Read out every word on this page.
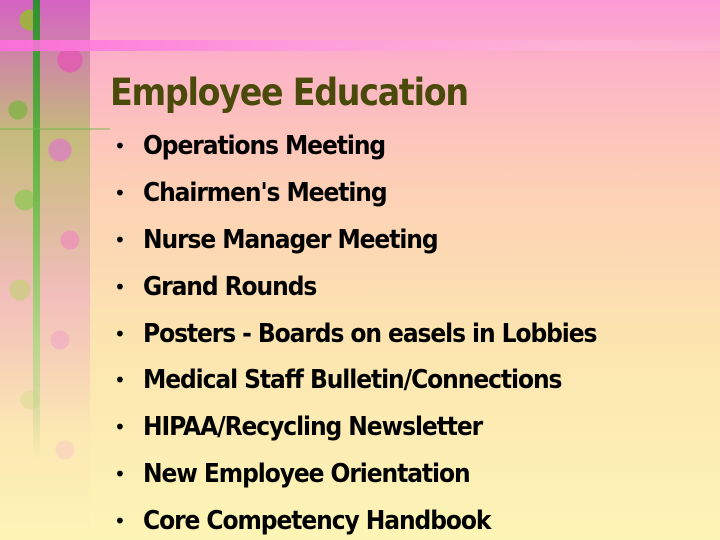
Employee Education
• Operations Meeting
• Chairmen's Meeting
• Nurse Manager Meeting
• Grand Rounds
• Posters - Boards on easels in Lobbies
• Medical Staff Bulletin/Connections
• HIPAA/Recycling Newsletter
• New Employee Orientation
• Core Competency Handbook
